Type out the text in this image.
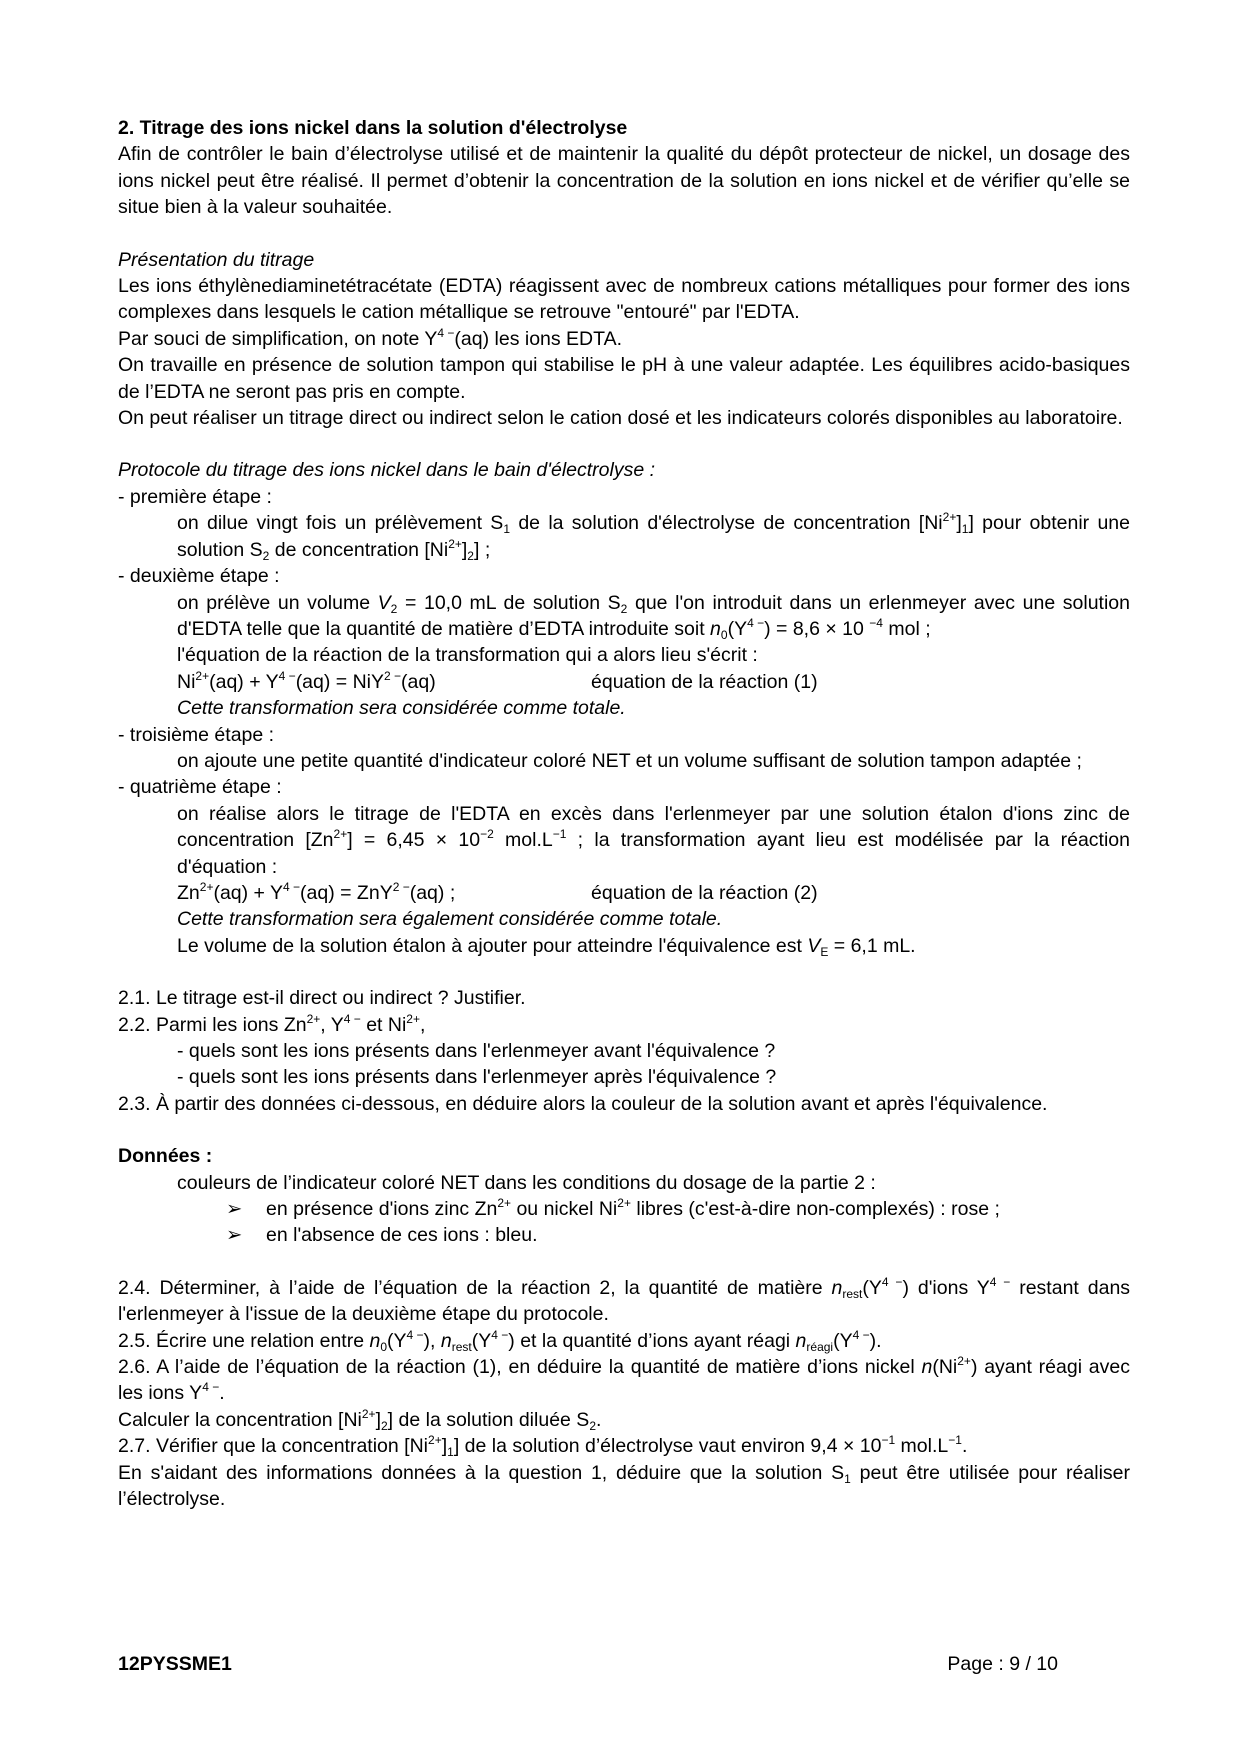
2. Titrage des ions nickel dans la solution d'électrolyse

Afin de contrôler le bain d’électrolyse utilisé et de maintenir la qualité du dépôt protecteur de nickel, un dosage des ions nickel peut être réalisé. Il permet d’obtenir la concentration de la solution en ions nickel et de vérifier qu’elle se situe bien à la valeur souhaitée.

Présentation du titrage

Les ions éthylènediaminetétracétate (EDTA) réagissent avec de nombreux cations métalliques pour former des ions complexes dans lesquels le cation métallique se retrouve "entouré" par l'EDTA.

Par souci de simplification, on note $Y^{4 -}(aq)$ les ions EDTA.

On travaille en présence de solution tampon qui stabilise le pH à une valeur adaptée. Les équilibres acido-basiques de l’EDTA ne seront pas pris en compte.

On peut réaliser un titrage direct ou indirect selon le cation dosé et les indicateurs colorés disponibles au laboratoire.

Protocole du titrage des ions nickel dans le bain d'électrolyse :

- première étape :

on dilue vingt fois un prélèvement $S_1$ de la solution d'électrolyse de concentration $[Ni^{2+}]_1$] pour obtenir une solution $S_2$ de concentration $[Ni^{2+}]_2$] ;

- deuxième étape :

on prélève un volume $V_2 = 10,0$ mL de solution $S_2$ que l'on introduit dans un erlenmeyer avec une solution d'EDTA telle que la quantité de matière d’EDTA introduite soit $n_0(Y^{4 -}) = 8,6 \times 10$ $^{-4}$ mol ;

l'équation de la réaction de la transformation qui a alors lieu s'écrit :

$Ni^{2+}(aq) + Y^{4 -}(aq) = NiY^{2 -}(aq)$	équation de la réaction (1)

Cette transformation sera considérée comme totale.

- troisième étape :

on ajoute une petite quantité d'indicateur coloré NET et un volume suffisant de solution tampon adaptée ;

- quatrième étape :

on réalise alors le titrage de l'EDTA en excès dans l'erlenmeyer par une solution étalon d'ions zinc de concentration $[Zn^{2+}] = 6,45 \times 10^{-2}$ $mol.L^{-1}$ ; la transformation ayant lieu est modélisée par la réaction d'équation :

$Zn^{2+}(aq) + Y^{4 -}(aq) = ZnY^{2 -}(aq)$ ;	équation de la réaction (2)

Cette transformation sera également considérée comme totale.

Le volume de la solution étalon à ajouter pour atteindre l'équivalence est $V_E = 6,1$ mL.

2.1. Le titrage est-il direct ou indirect ? Justifier.

2.2. Parmi les ions $Zn^{2+}$, $Y^{4 -}$ et $Ni^{2+}$,

- quels sont les ions présents dans l'erlenmeyer avant l'équivalence ?

- quels sont les ions présents dans l'erlenmeyer après l'équivalence ?

2.3. À partir des données ci-dessous, en déduire alors la couleur de la solution avant et après l'équivalence.

Données :

couleurs de l’indicateur coloré NET dans les conditions du dosage de la partie 2 :

➢	en présence d'ions zinc $Zn^{2+}$ ou nickel $Ni^{2+}$ libres (c'est-à-dire non-complexés) : rose ;
➢	en l'absence de ces ions : bleu.

2.4. Déterminer, à l’aide de l’équation de la réaction 2, la quantité de matière $n_{rest}(Y^{4 -})$ d'ions $Y^{4 -}$ restant dans l'erlenmeyer à l'issue de la deuxième étape du protocole.

2.5. Écrire une relation entre $n_0(Y^{4 -})$, $n_{rest}(Y^{4 -})$ et la quantité d’ions ayant réagi $n_{réagi}(Y^{4 -})$.

2.6. A l’aide de l’équation de la réaction (1), en déduire la quantité de matière d’ions nickel $n(Ni^{2+})$ ayant réagi avec les ions $Y^{4 -}$.

Calculer la concentration $[Ni^{2+}]_2$] de la solution diluée $S_2$.

2.7. Vérifier que la concentration $[Ni^{2+}]_1$] de la solution d’électrolyse vaut environ $9,4 \times 10^{-1}$ $mol.L^{-1}$.

En s'aidant des informations données à la question 1, déduire que la solution $S_1$ peut être utilisée pour réaliser l’électrolyse.

12PYSSME1	Page : 9 / 10
